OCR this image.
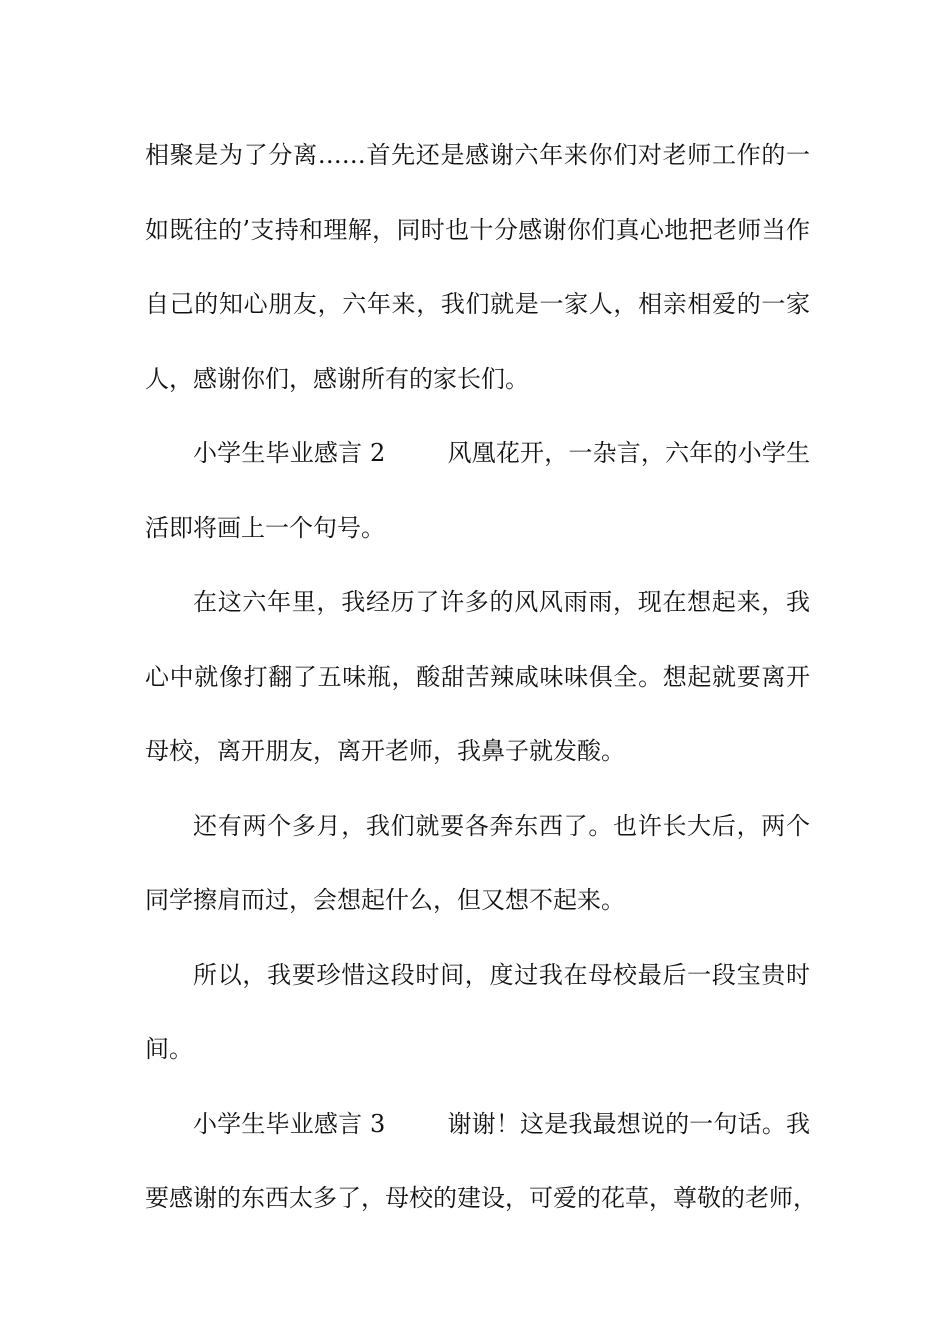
相聚是为了分离……首先还是感谢六年来你们对老师工作的一
如既往的’支持和理解，同时也十分感谢你们真心地把老师当作
自己的知心朋友，六年来，我们就是一家人，相亲相爱的一家
人，感谢你们，感谢所有的家长们。
小学生毕业感言 2	风凰花开，一杂言，六年的小学生
活即将画上一个句号。
在这六年里，我经历了许多的风风雨雨，现在想起来，我
心中就像打翻了五味瓶，酸甜苦辣咸味味俱全。想起就要离开
母校，离开朋友，离开老师，我鼻子就发酸。
还有两个多月，我们就要各奔东西了。也许长大后，两个
同学擦肩而过，会想起什么，但又想不起来。
所以，我要珍惜这段时间，度过我在母校最后一段宝贵时
间。
小学生毕业感言 3	谢谢！这是我最想说的一句话。我
要感谢的东西太多了，母校的建设，可爱的花草，尊敬的老师，
